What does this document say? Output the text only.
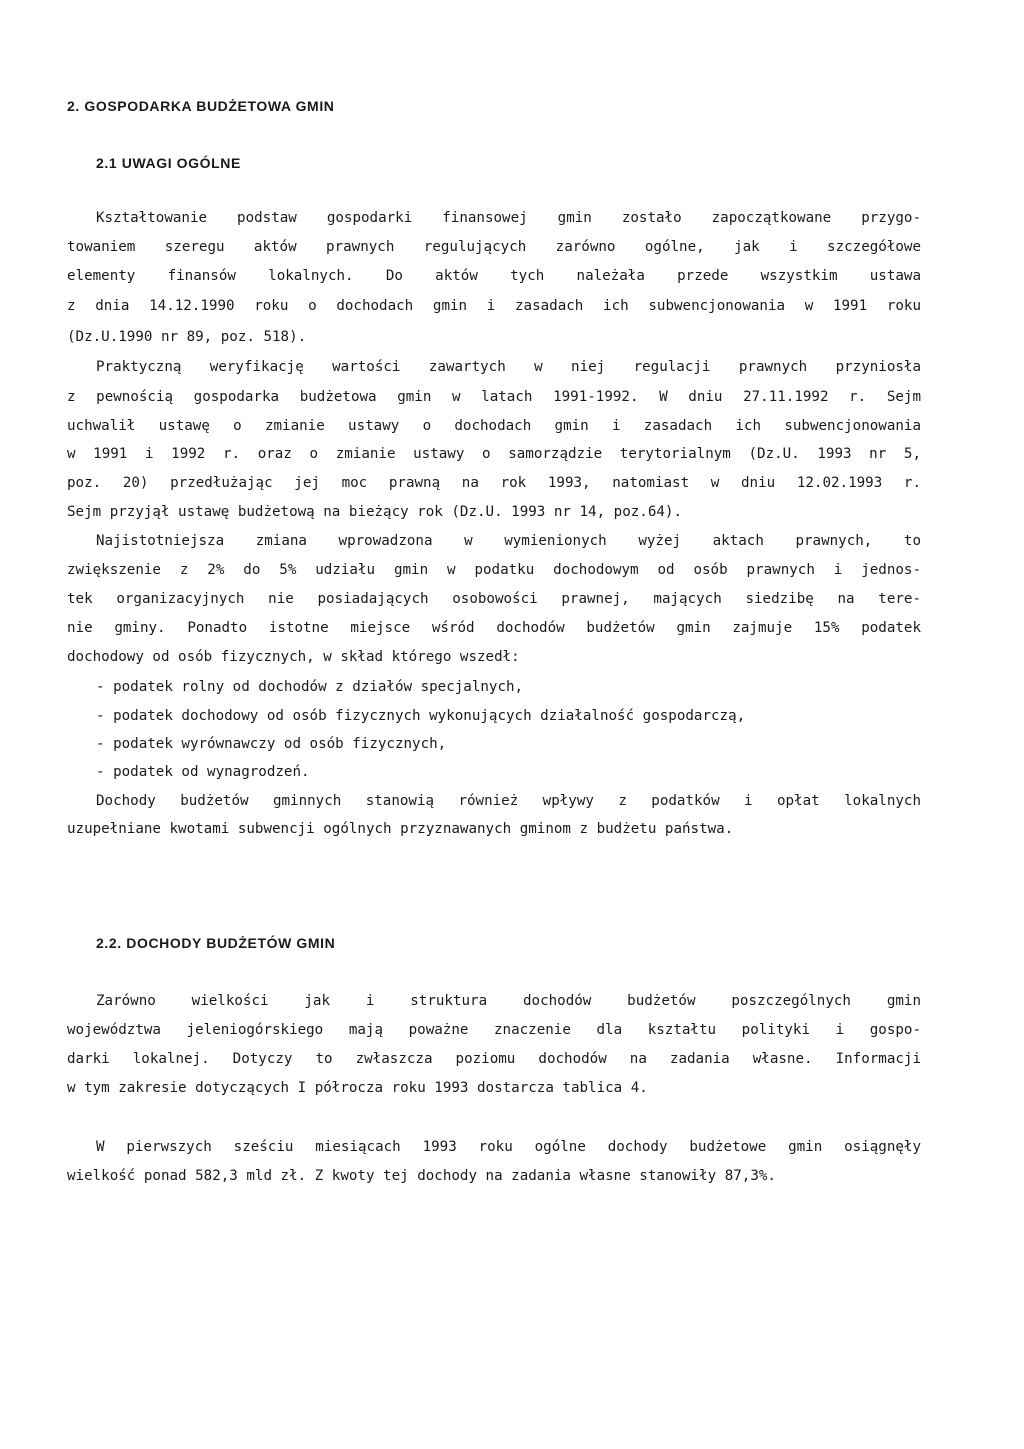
2. GOSPODARKA BUDŻETOWA GMIN
2.1 UWAGI OGÓLNE
Kształtowanie podstaw gospodarki finansowej gmin zostało zapoczątkowane przygo-
towaniem szeregu aktów prawnych regulujących zarówno ogólne, jak i szczegółowe
elementy finansów lokalnych. Do aktów tych należała przede wszystkim ustawa
z dnia 14.12.1990 roku o dochodach gmin i zasadach ich subwencjonowania w 1991 roku
(Dz.U.1990 nr 89, poz. 518).
Praktyczną weryfikację wartości zawartych w niej regulacji prawnych przyniosła
z pewnością gospodarka budżetowa gmin w latach 1991-1992. W dniu 27.11.1992 r. Sejm
uchwalił ustawę o zmianie ustawy o dochodach gmin i zasadach ich subwencjonowania
w 1991 i 1992 r. oraz o zmianie ustawy o samorządzie terytorialnym (Dz.U. 1993 nr 5,
poz. 20) przedłużając jej moc prawną na rok 1993, natomiast w dniu 12.02.1993 r.
Sejm przyjął ustawę budżetową na bieżący rok (Dz.U. 1993 nr 14, poz.64).
Najistotniejsza zmiana wprowadzona w wymienionych wyżej aktach prawnych, to
zwiększenie z 2% do 5% udziału gmin w podatku dochodowym od osób prawnych i jednos-
tek organizacyjnych nie posiadających osobowości prawnej, mających siedzibę na tere-
nie gminy. Ponadto istotne miejsce wśród dochodów budżetów gmin zajmuje 15% podatek
dochodowy od osób fizycznych, w skład którego wszedł:
- podatek rolny od dochodów z działów specjalnych,
- podatek dochodowy od osób fizycznych wykonujących działalność gospodarczą,
- podatek wyrównawczy od osób fizycznych,
- podatek od wynagrodzeń.
Dochody budżetów gminnych stanowią również wpływy z podatków i opłat lokalnych
uzupełniane kwotami subwencji ogólnych przyznawanych gminom z budżetu państwa.
2.2. DOCHODY BUDŻETÓW GMIN
Zarówno wielkości jak i struktura dochodów budżetów poszczególnych gmin
województwa jeleniogórskiego mają poważne znaczenie dla kształtu polityki i gospo-
darki lokalnej. Dotyczy to zwłaszcza poziomu dochodów na zadania własne. Informacji
w tym zakresie dotyczących I półrocza roku 1993 dostarcza tablica 4.
W pierwszych sześciu miesiącach 1993 roku ogólne dochody budżetowe gmin osiągnęły
wielkość ponad 582,3 mld zł. Z kwoty tej dochody na zadania własne stanowiły 87,3%.
